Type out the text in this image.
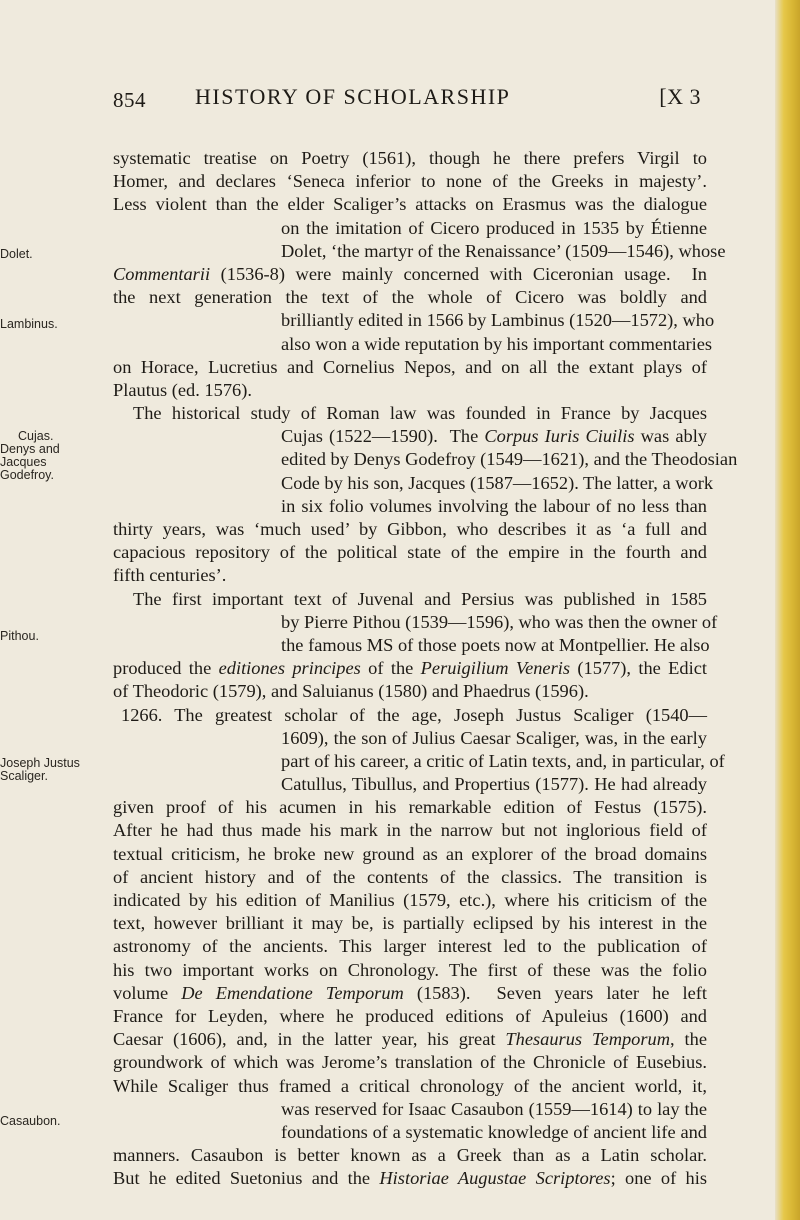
854 HISTORY OF SCHOLARSHIP	[X 3
Dolet.
Lambinus.
Cujas.
Denys and
Jacques
Godefroy.
Pithou.
Joseph Justus
Scaliger.
Casaubon.
systematic treatise on Poetry (1561), though he there prefers Virgil to
Homer, and declares ‘Seneca inferior to none of the Greeks in majesty’.
Less violent than the elder Scaliger’s attacks on Erasmus was the dialogue
on the imitation of Cicero produced in 1535 by Étienne
Dolet, ‘the martyr of the Renaissance’ (1509—1546), whose
Commentarii (1536-8) were mainly concerned with Ciceronian usage.  In
the next generation the text of the whole of Cicero was boldly and
brilliantly edited in 1566 by Lambinus (1520—1572), who
also won a wide reputation by his important commentaries
on Horace, Lucretius and Cornelius Nepos, and on all the extant plays of
Plautus (ed. 1576).
The historical study of Roman law was founded in France by Jacques
Cujas (1522—1590).  The Corpus Iuris Ciuilis was ably
edited by Denys Godefroy (1549—1621), and the Theodosian
Code by his son, Jacques (1587—1652). The latter, a work
in six folio volumes involving the labour of no less than
thirty years, was ‘much used’ by Gibbon, who describes it as ‘a full and
capacious repository of the political state of the empire in the fourth and
fifth centuries’.
The first important text of Juvenal and Persius was published in 1585
by Pierre Pithou (1539—1596), who was then the owner of
the famous MS of those poets now at Montpellier. He also
produced the editiones principes of the Peruigilium Veneris (1577), the Edict
of Theodoric (1579), and Saluianus (1580) and Phaedrus (1596).
1266. The greatest scholar of the age, Joseph Justus Scaliger (1540—
1609), the son of Julius Caesar Scaliger, was, in the early
part of his career, a critic of Latin texts, and, in particular, of
Catullus, Tibullus, and Propertius (1577). He had already
given proof of his acumen in his remarkable edition of Festus (1575).
After he had thus made his mark in the narrow but not inglorious field of
textual criticism, he broke new ground as an explorer of the broad domains
of ancient history and of the contents of the classics. The transition is
indicated by his edition of Manilius (1579, etc.), where his criticism of the
text, however brilliant it may be, is partially eclipsed by his interest in the
astronomy of the ancients. This larger interest led to the publication of
his two important works on Chronology. The first of these was the folio
volume De Emendatione Temporum (1583).  Seven years later he left
France for Leyden, where he produced editions of Apuleius (1600) and
Caesar (1606), and, in the latter year, his great Thesaurus Temporum, the
groundwork of which was Jerome’s translation of the Chronicle of Eusebius.
While Scaliger thus framed a critical chronology of the ancient world, it,
was reserved for Isaac Casaubon (1559—1614) to lay the
foundations of a systematic knowledge of ancient life and
manners. Casaubon is better known as a Greek than as a Latin scholar.
But he edited Suetonius and the Historiae Augustae Scriptores; one of his
